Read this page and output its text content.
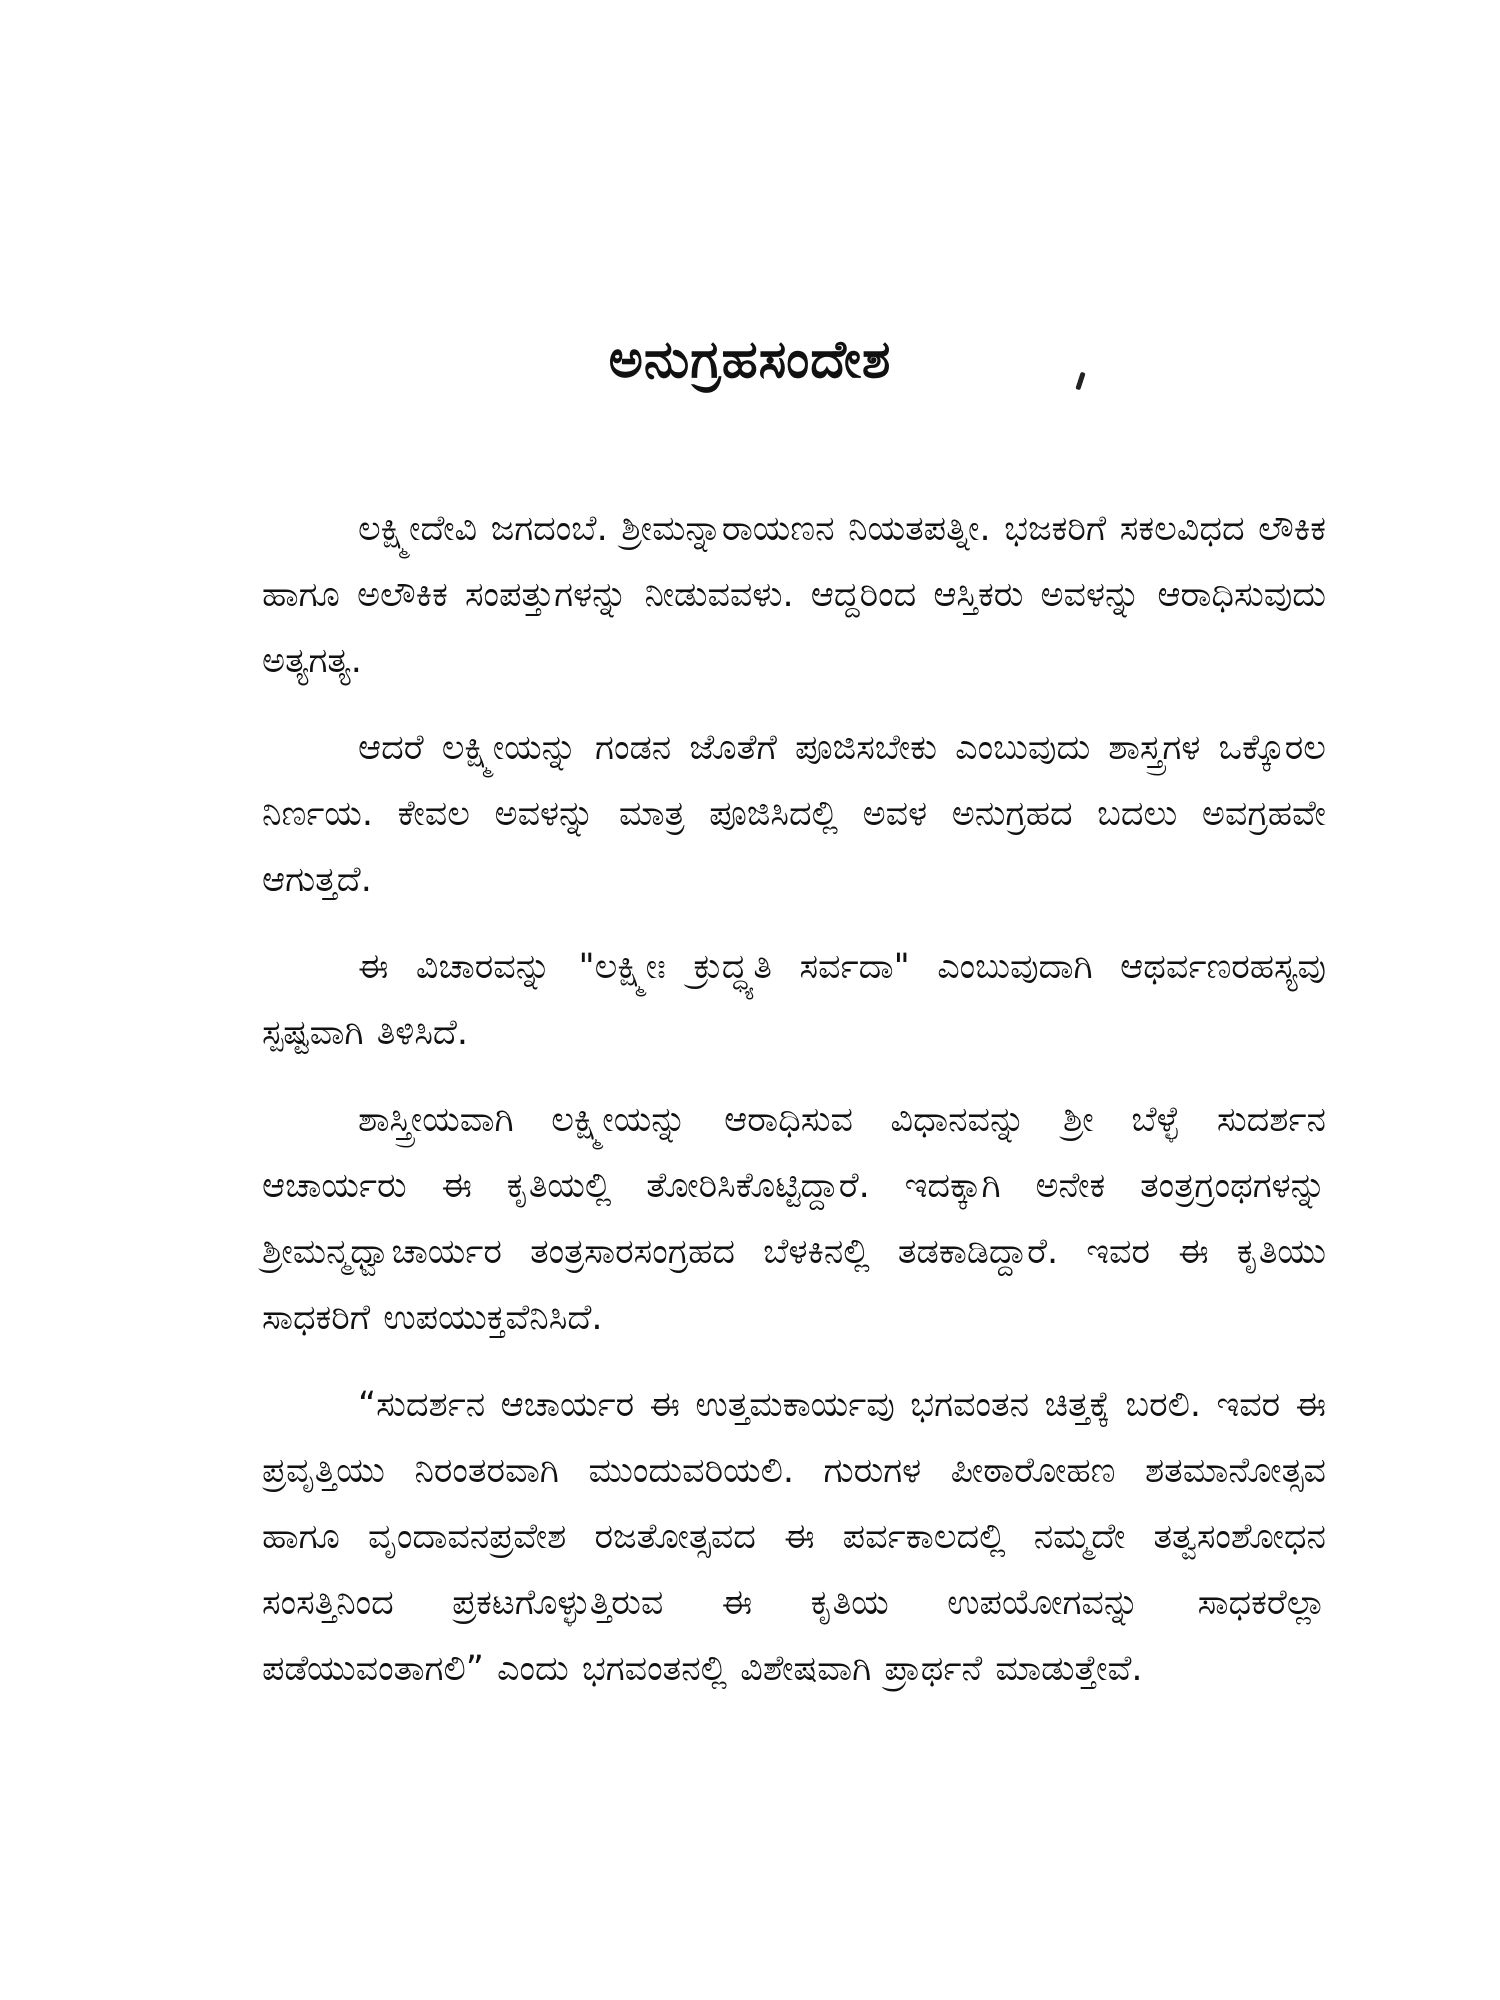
ಅನುಗ್ರಹಸಂದೇಶ

ಲಕ್ಷ್ಮೀದೇವಿ ಜಗದಂಬೆ. ಶ್ರೀಮನ್ನಾರಾಯಣನ ನಿಯತಪತ್ನೀ. ಭಜಕರಿಗೆ ಸಕಲವಿಧದ ಲೌಕಿಕ ಹಾಗೂ ಅಲೌಕಿಕ ಸಂಪತ್ತುಗಳನ್ನು ನೀಡುವವಳು. ಆದ್ದರಿಂದ ಆಸ್ತಿಕರು ಅವಳನ್ನು ಆರಾಧಿಸುವುದು ಅತ್ಯಗತ್ಯ.

ಆದರೆ ಲಕ್ಷ್ಮೀಯನ್ನು ಗಂಡನ ಜೊತೆಗೆ ಪೂಜಿಸಬೇಕು ಎಂಬುವುದು ಶಾಸ್ತ್ರಗಳ ಒಕ್ಕೊರಲ ನಿರ್ಣಯ. ಕೇವಲ ಅವಳನ್ನು ಮಾತ್ರ ಪೂಜಿಸಿದಲ್ಲಿ ಅವಳ ಅನುಗ್ರಹದ ಬದಲು ಅವಗ್ರಹವೇ ಆಗುತ್ತದೆ.

ಈ ವಿಚಾರವನ್ನು "ಲಕ್ಷ್ಮೀಃ ಕ್ರುದ್ಧ್ಯತಿ ಸರ್ವದಾ" ಎಂಬುವುದಾಗಿ ಆಥರ್ವಣರಹಸ್ಯವು ಸ್ಪಷ್ಟವಾಗಿ ತಿಳಿಸಿದೆ.

ಶಾಸ್ತ್ರೀಯವಾಗಿ ಲಕ್ಷ್ಮೀಯನ್ನು ಆರಾಧಿಸುವ ವಿಧಾನವನ್ನು ಶ್ರೀ ಬೆಳ್ಳೆ ಸುದರ್ಶನ ಆಚಾರ್ಯರು ಈ ಕೃತಿಯಲ್ಲಿ ತೋರಿಸಿಕೊಟ್ಟಿದ್ದಾರೆ. ಇದಕ್ಕಾಗಿ ಅನೇಕ ತಂತ್ರಗ್ರಂಥಗಳನ್ನು ಶ್ರೀಮನ್ಮಧ್ವಾಚಾರ್ಯರ ತಂತ್ರಸಾರಸಂಗ್ರಹದ ಬೆಳಕಿನಲ್ಲಿ ತಡಕಾಡಿದ್ದಾರೆ. ಇವರ ಈ ಕೃತಿಯು ಸಾಧಕರಿಗೆ ಉಪಯುಕ್ತವೆನಿಸಿದೆ.

“ಸುದರ್ಶನ ಆಚಾರ್ಯರ ಈ ಉತ್ತಮಕಾರ್ಯವು ಭಗವಂತನ ಚಿತ್ತಕ್ಕೆ ಬರಲಿ. ಇವರ ಈ ಪ್ರವೃತ್ತಿಯು ನಿರಂತರವಾಗಿ ಮುಂದುವರಿಯಲಿ. ಗುರುಗಳ ಪೀಠಾರೋಹಣ ಶತಮಾನೋತ್ಸವ ಹಾಗೂ ವೃಂದಾವನಪ್ರವೇಶ ರಜತೋತ್ಸವದ ಈ ಪರ್ವಕಾಲದಲ್ಲಿ ನಮ್ಮದೇ ತತ್ವಸಂಶೋಧನ ಸಂಸತ್ತಿನಿಂದ ಪ್ರಕಟಗೊಳ್ಳುತ್ತಿರುವ ಈ ಕೃತಿಯ ಉಪಯೋಗವನ್ನು ಸಾಧಕರೆಲ್ಲಾ ಪಡೆಯುವಂತಾಗಲಿ” ಎಂದು ಭಗವಂತನಲ್ಲಿ ವಿಶೇಷವಾಗಿ ಪ್ರಾರ್ಥನೆ ಮಾಡುತ್ತೇವೆ.
